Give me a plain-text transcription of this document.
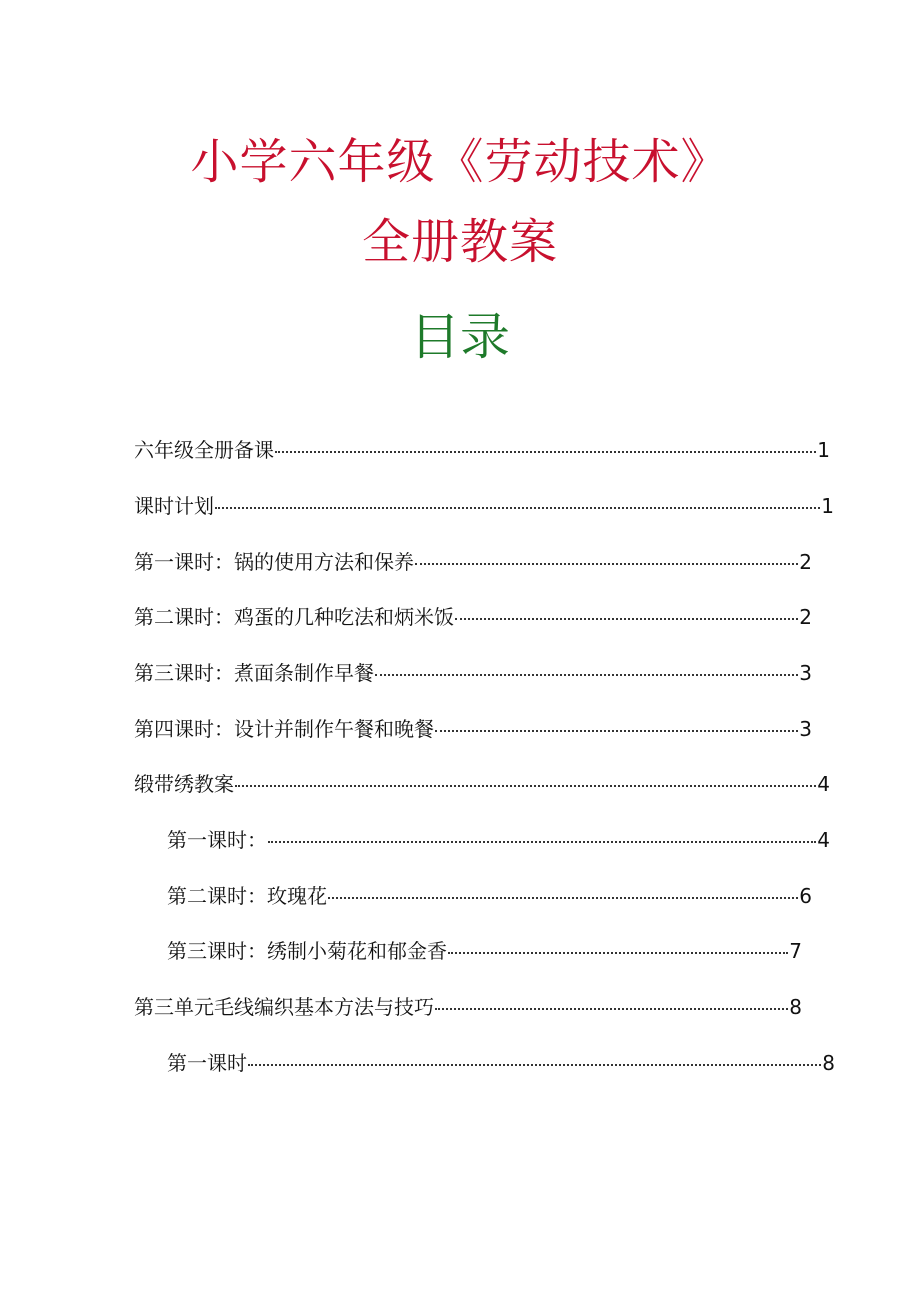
小学六年级《劳动技术》
全册教案
目录
六年级全册备课	1
课时计划	1
第一课时：锅的使用方法和保养	2
第二课时：鸡蛋的几种吃法和炳米饭	2
第三课时：煮面条制作早餐	3
第四课时：设计并制作午餐和晚餐	3
缎带绣教案	4
第一课时：	4
第二课时：玫瑰花	6
第三课时：绣制小菊花和郁金香	7
第三单元毛线编织基本方法与技巧	8
第一课时	8
